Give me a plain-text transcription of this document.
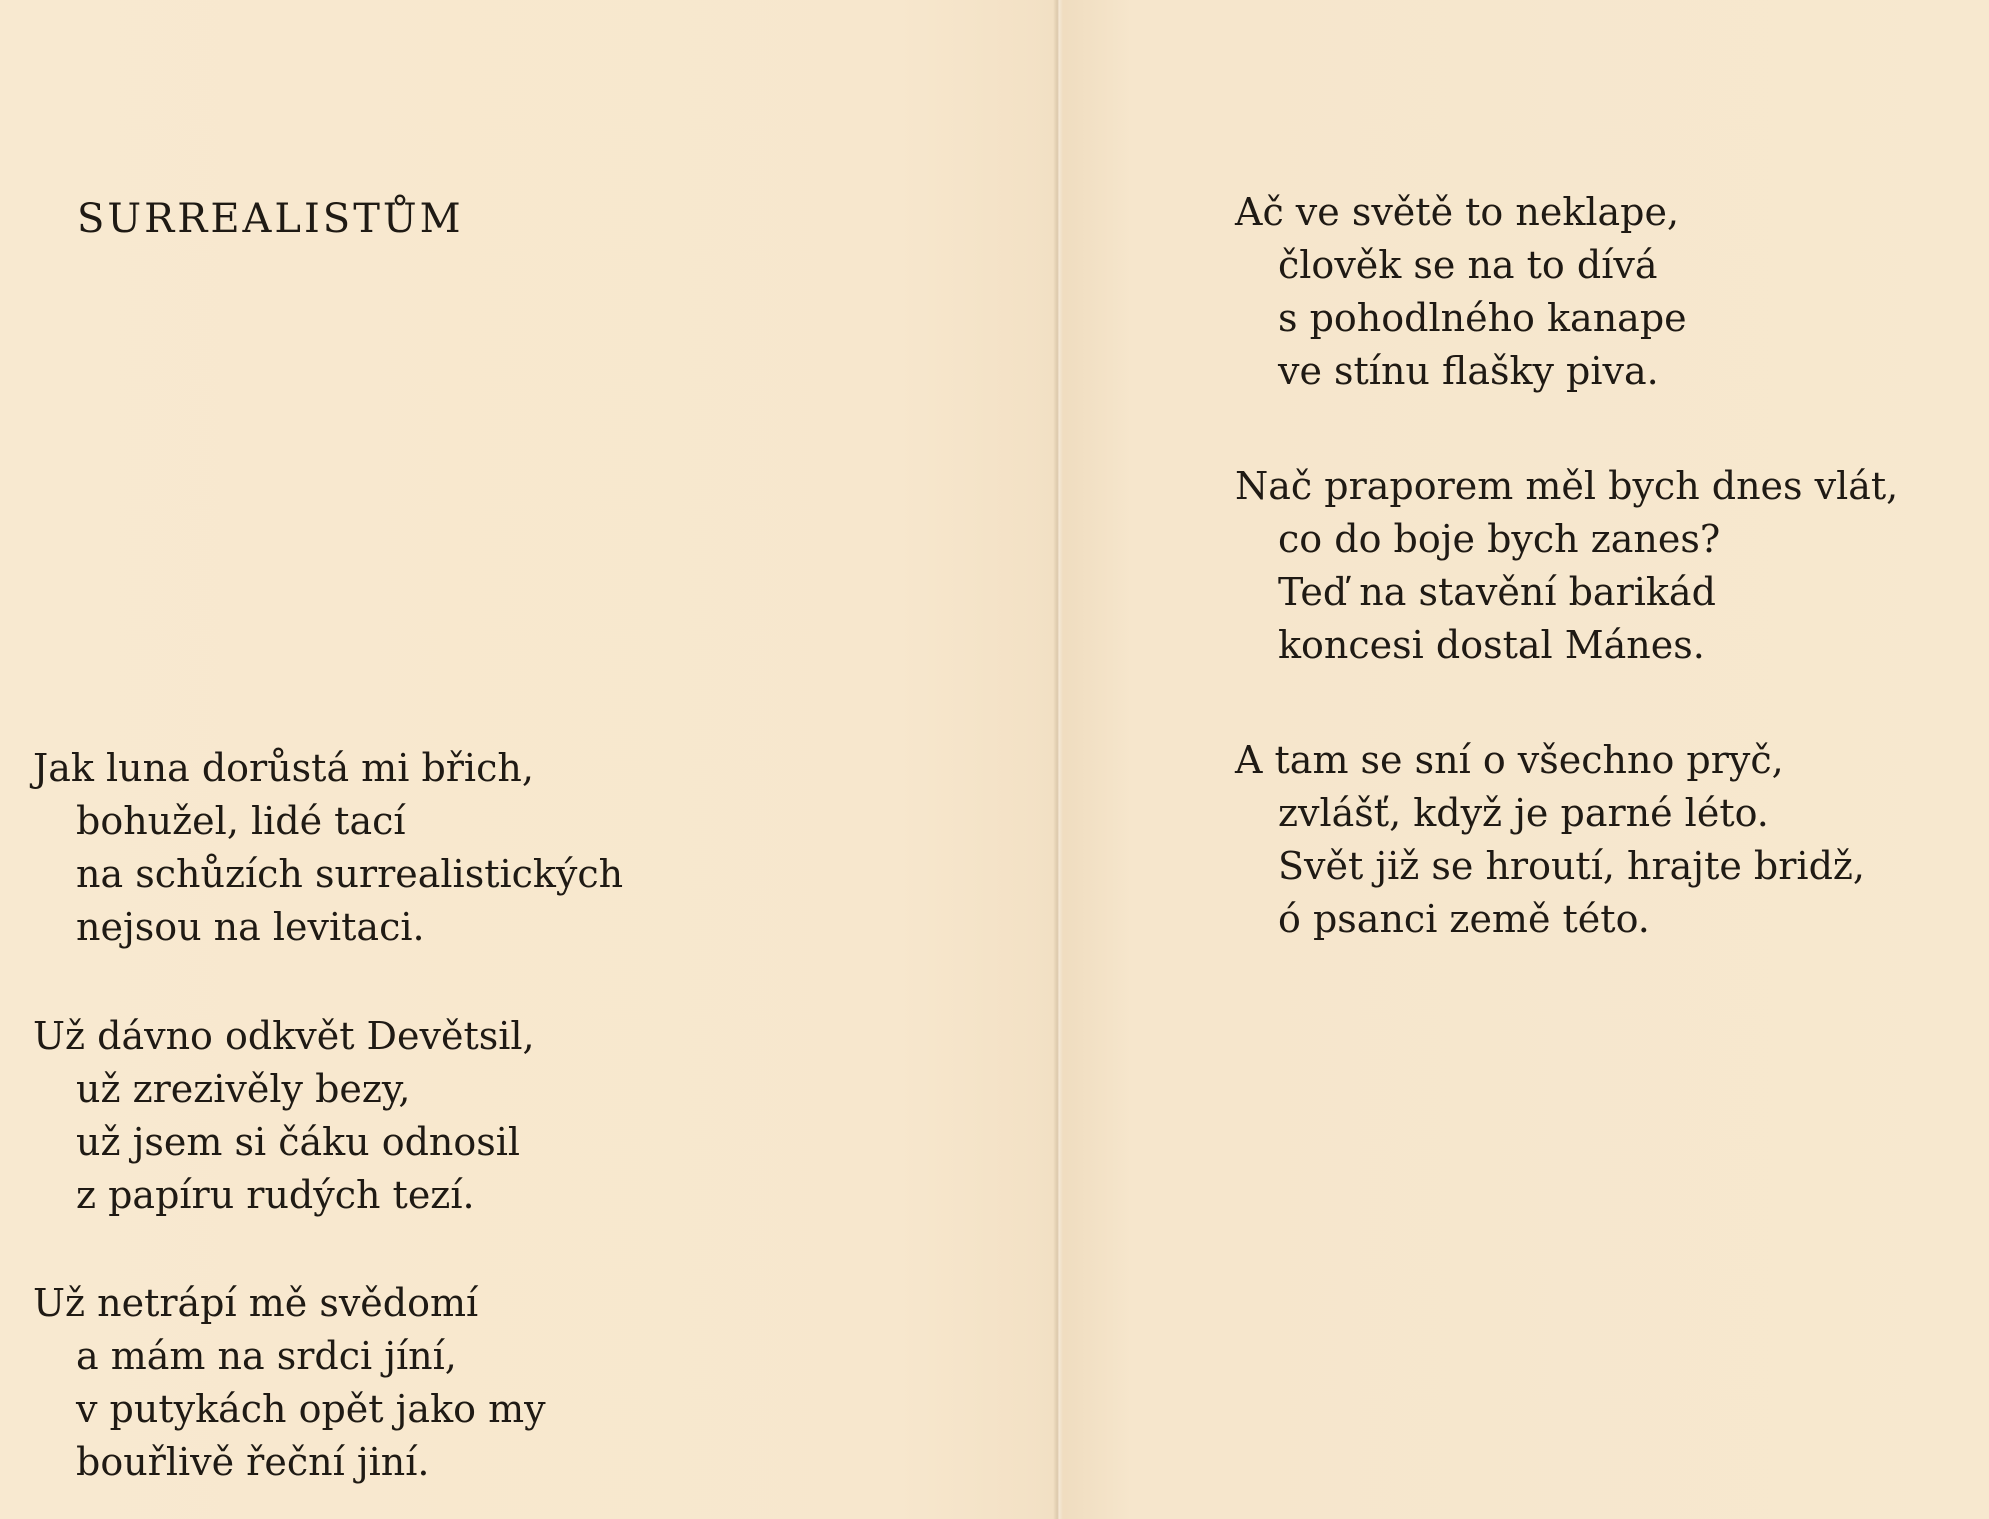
SURREALISTŮM
Jak luna dorůstá mi břich,
bohužel, lidé tací
na schůzích surrealistických
nejsou na levitaci.
Už dávno odkvět Devětsil,
už zrezivěly bezy,
už jsem si čáku odnosil
z papíru rudých tezí.
Už netrápí mě svědomí
a mám na srdci jíní,
v putykách opět jako my
bouřlivě řeční jiní.
Ač ve světě to neklape,
člověk se na to dívá
s pohodlného kanape
ve stínu flašky piva.
Nač praporem měl bych dnes vlát,
co do boje bych zanes?
Teď na stavění barikád
koncesi dostal Mánes.
A tam se sní o všechno pryč,
zvlášť, když je parné léto.
Svět již se hroutí, hrajte bridž,
ó psanci země této.
